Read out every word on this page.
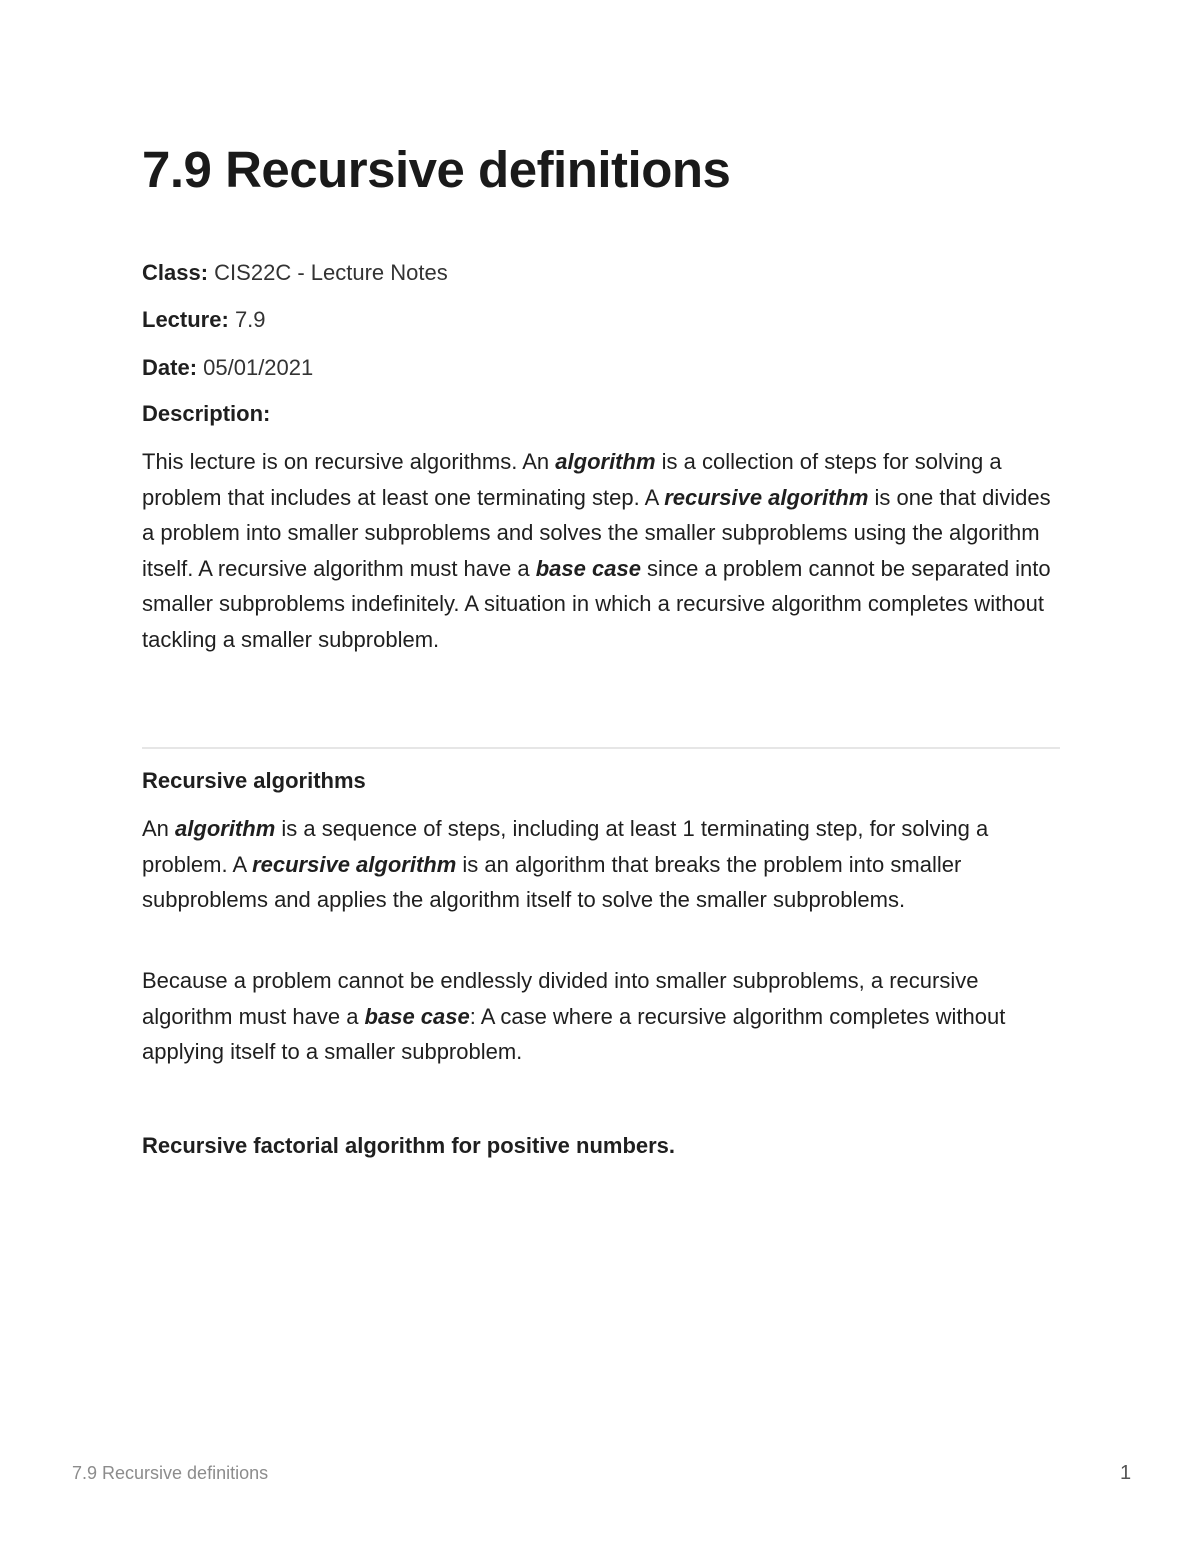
7.9 Recursive definitions
Class: CIS22C - Lecture Notes
Lecture: 7.9
Date: 05/01/2021
Description:

This lecture is on recursive algorithms. An algorithm is a collection of steps for solving a problem that includes at least one terminating step. A recursive algorithm is one that divides a problem into smaller subproblems and solves the smaller subproblems using the algorithm itself. A recursive algorithm must have a base case since a problem cannot be separated into smaller subproblems indefinitely. A situation in which a recursive algorithm completes without tackling a smaller subproblem.

Recursive algorithms

An algorithm is a sequence of steps, including at least 1 terminating step, for solving a problem. A recursive algorithm is an algorithm that breaks the problem into smaller subproblems and applies the algorithm itself to solve the smaller subproblems.

Because a problem cannot be endlessly divided into smaller subproblems, a recursive algorithm must have a base case: A case where a recursive algorithm completes without applying itself to a smaller subproblem.

Recursive factorial algorithm for positive numbers.
7.9 Recursive definitions	1
